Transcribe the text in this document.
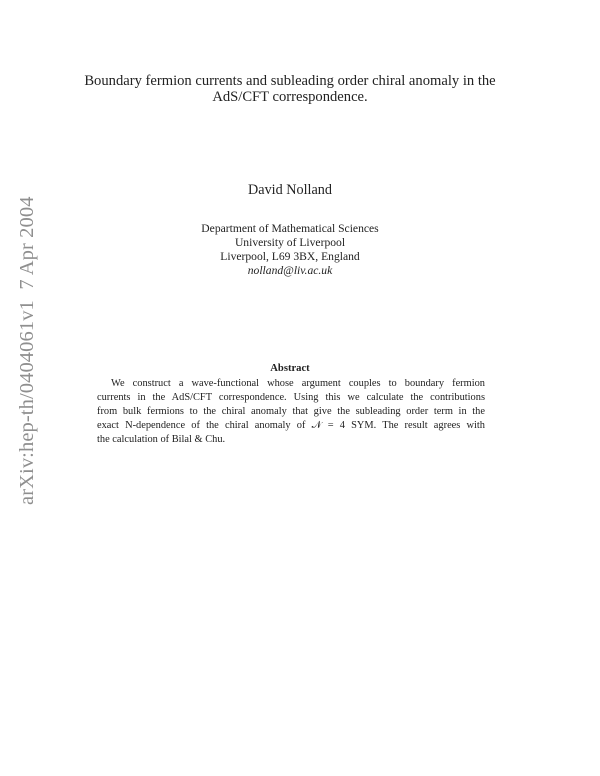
arXiv:hep-th/0404061v1  7 Apr 2004
Boundary fermion currents and subleading order chiral anomaly in the
AdS/CFT correspondence.
David Nolland
Department of Mathematical Sciences
University of Liverpool
Liverpool, L69 3BX, England
nolland@liv.ac.uk
Abstract
We construct a wave-functional whose argument couples to boundary fermion
currents in the AdS/CFT correspondence. Using this we calculate the contributions
from bulk fermions to the chiral anomaly that give the subleading order term in the
exact N-dependence of the chiral anomaly of 𝒩 = 4 SYM. The result agrees with
the calculation of Bilal & Chu.
